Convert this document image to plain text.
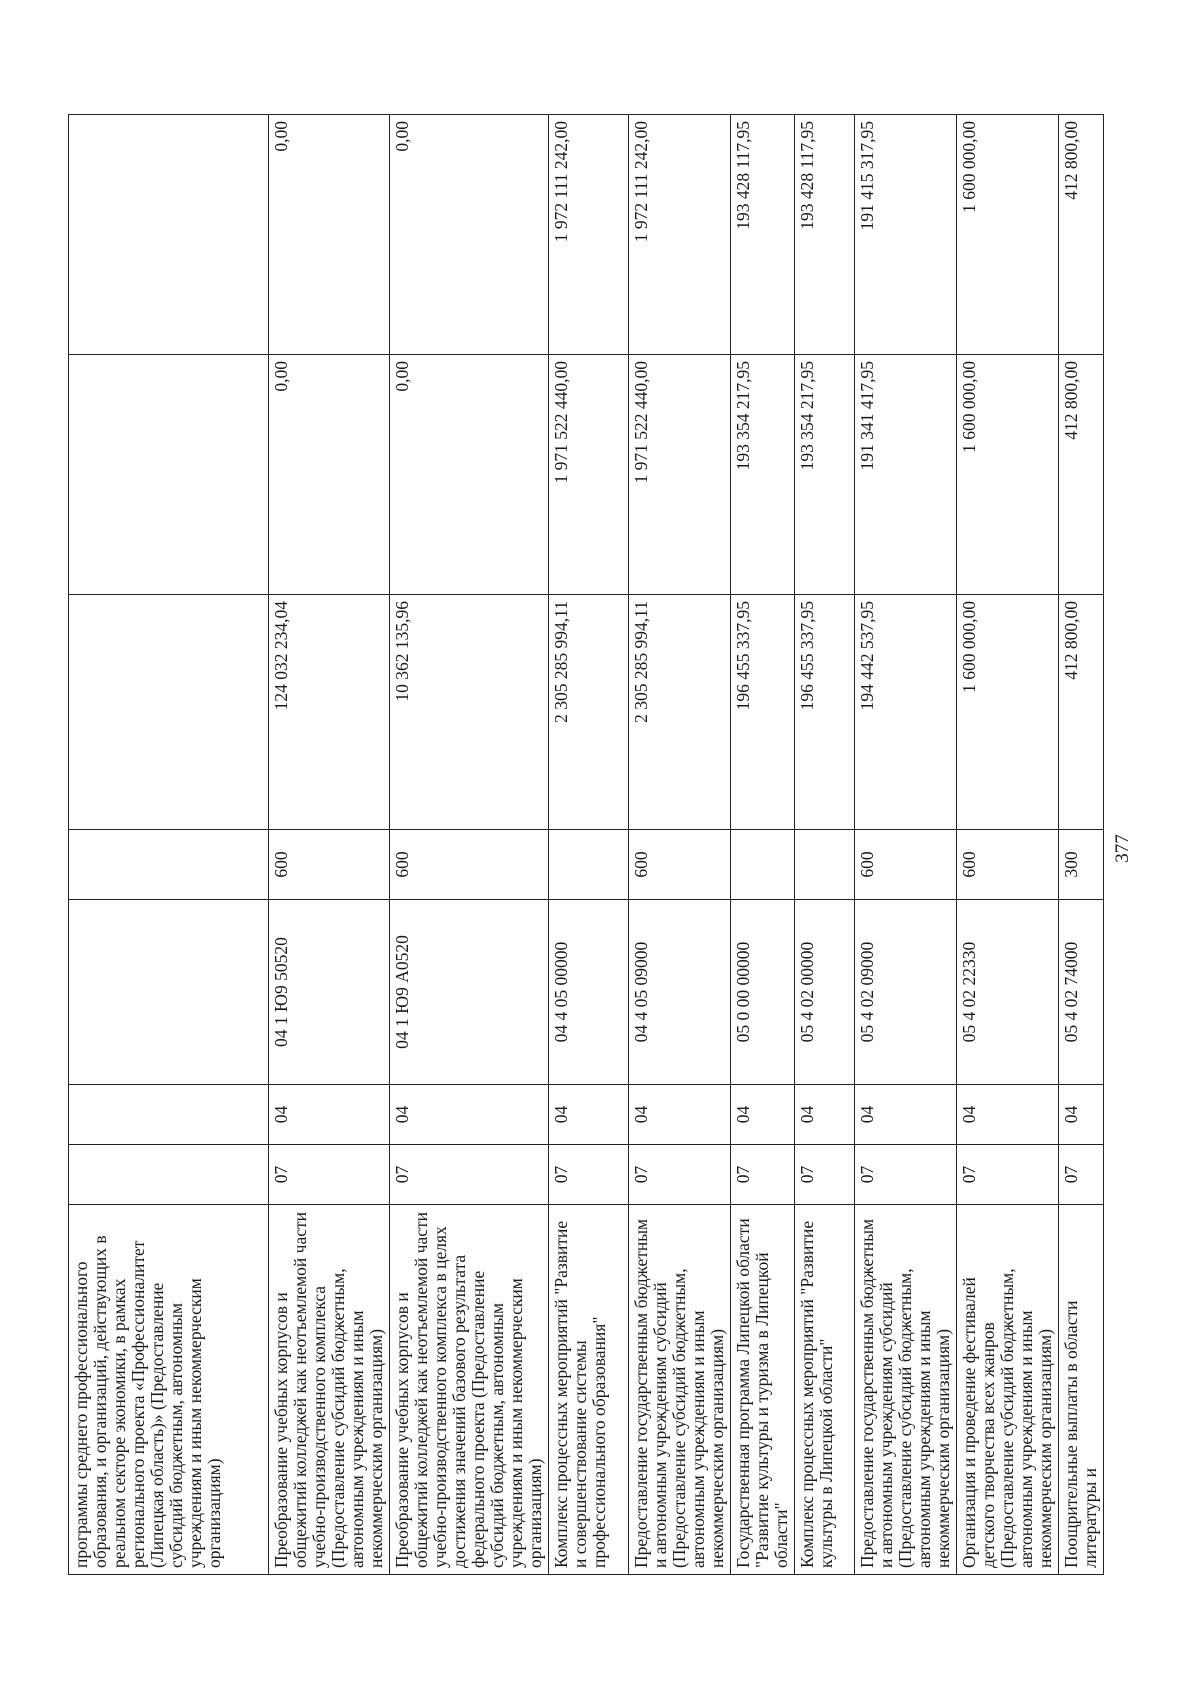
377
программы среднего профессионального образования, и организаций, действующих в реальном секторе экономики, в рамках регионального проекта «Профессионалитет (Липецкая область)» (Предоставление субсидий бюджетным, автономным учреждениям и иным некоммерческим организациям)							
Преобразование учебных корпусов и общежитий колледжей как неотъемлемой части учебно-производственного комплекса (Предоставление субсидий бюджетным, автономным учреждениям и иным некоммерческим организациям)	07	04	04 1 Ю9 50520	600	124 032 234,04	0,00	0,00
Преобразование учебных корпусов и общежитий колледжей как неотъемлемой части учебно-производственного комплекса в целях достижения значений базового результата федерального проекта (Предоставление субсидий бюджетным, автономным учреждениям и иным некоммерческим организациям)	07	04	04 1 Ю9 А0520	600	10 362 135,96	0,00	0,00
Комплекс процессных мероприятий "Развитие и совершенствование системы профессионального образования"	07	04	04 4 05 00000		2 305 285 994,11	1 971 522 440,00	1 972 111 242,00
Предоставление государственным бюджетным и автономным учреждениям субсидий (Предоставление субсидий бюджетным, автономным учреждениям и иным некоммерческим организациям)	07	04	04 4 05 09000	600	2 305 285 994,11	1 971 522 440,00	1 972 111 242,00
Государственная программа Липецкой области "Развитие культуры и туризма в Липецкой области"	07	04	05 0 00 00000		196 455 337,95	193 354 217,95	193 428 117,95
Комплекс процессных мероприятий "Развитие культуры в Липецкой области"	07	04	05 4 02 00000		196 455 337,95	193 354 217,95	193 428 117,95
Предоставление государственным бюджетным и автономным учреждениям субсидий (Предоставление субсидий бюджетным, автономным учреждениям и иным некоммерческим организациям)	07	04	05 4 02 09000	600	194 442 537,95	191 341 417,95	191 415 317,95
Организация и проведение фестивалей детского творчества всех жанров (Предоставление субсидий бюджетным, автономным учреждениям и иным некоммерческим организациям)	07	04	05 4 02 22330	600	1 600 000,00	1 600 000,00	1 600 000,00
Поощрительные выплаты в области литературы и	07	04	05 4 02 74000	300	412 800,00	412 800,00	412 800,00
